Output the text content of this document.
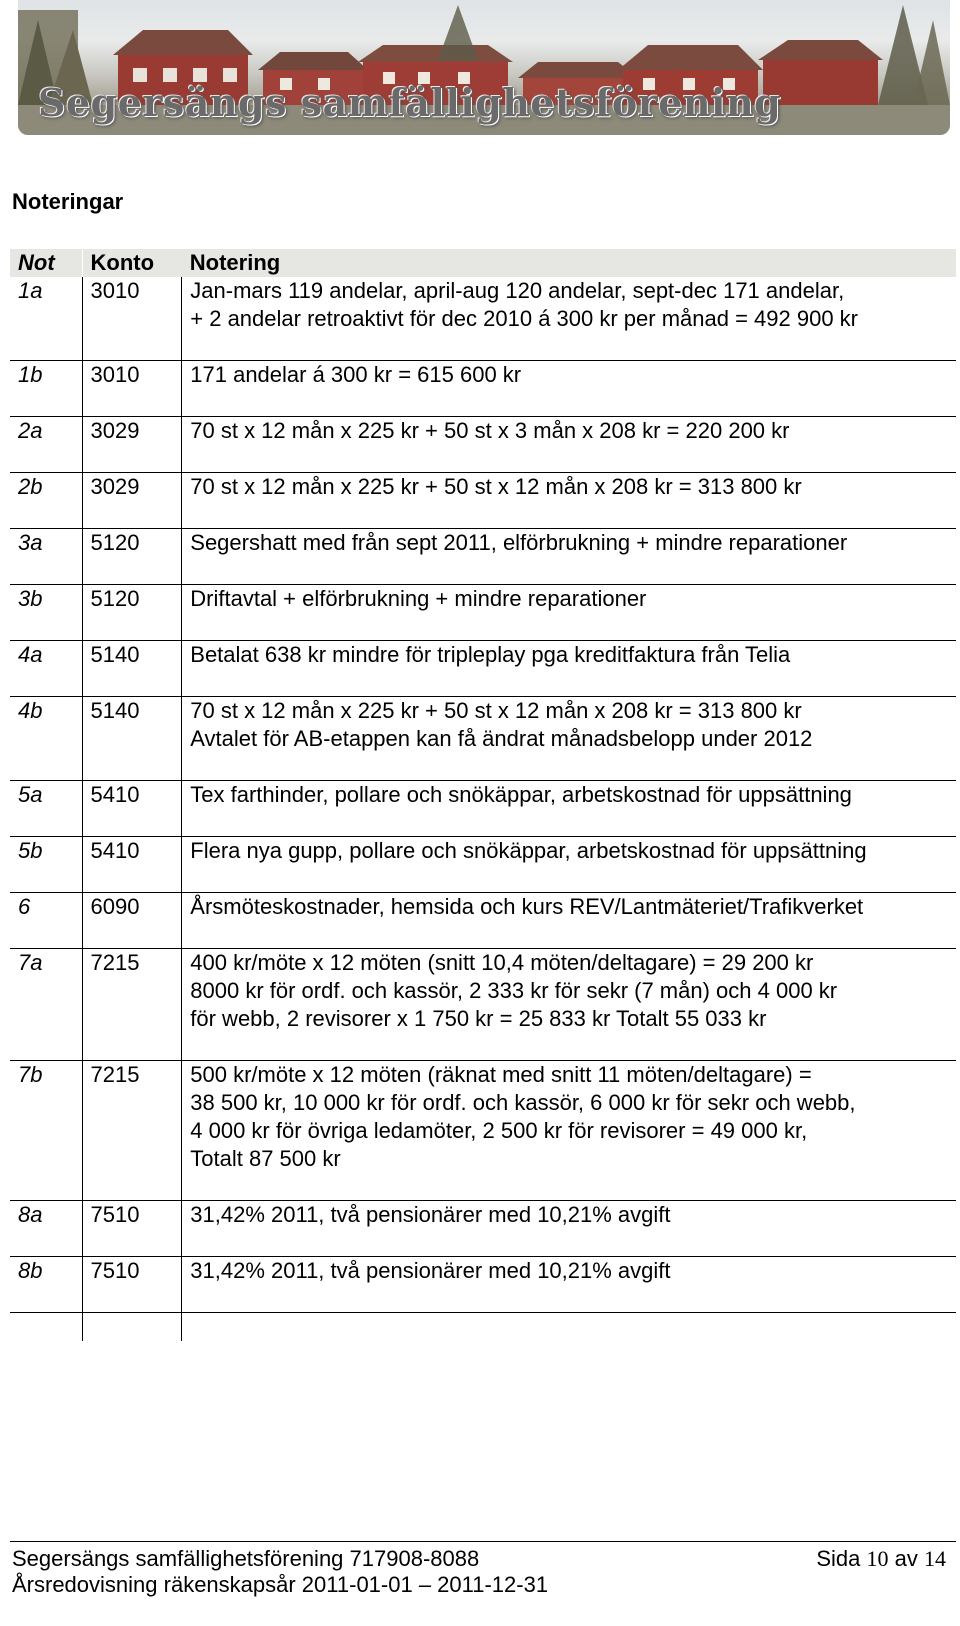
Segersängs samfällighetsförening
Noteringar
Not	Konto	Notering
1a	3010	Jan-mars 119 andelar, april-aug 120 andelar, sept-dec 171 andelar,
+ 2 andelar retroaktivt för dec 2010 á 300 kr per månad = 492 900 kr

1b	3010	171 andelar á 300 kr = 615 600 kr

2a	3029	70 st x 12 mån x 225 kr + 50 st x 3 mån x 208 kr = 220 200 kr

2b	3029	70 st x 12 mån x 225 kr + 50 st x 12 mån x 208 kr = 313 800 kr

3a	5120	Segershatt med från sept 2011, elförbrukning + mindre reparationer

3b	5120	Driftavtal + elförbrukning + mindre reparationer

4a	5140	Betalat 638 kr mindre för tripleplay pga kreditfaktura från Telia

4b	5140	70 st x 12 mån x 225 kr + 50 st x 12 mån x 208 kr = 313 800 kr
Avtalet för AB-etappen kan få ändrat månadsbelopp under 2012

5a	5410	Tex farthinder, pollare och snökäppar, arbetskostnad för uppsättning

5b	5410	Flera nya gupp, pollare och snökäppar, arbetskostnad för uppsättning

6	6090	Årsmöteskostnader, hemsida och kurs REV/Lantmäteriet/Trafikverket

7a	7215	400 kr/möte x 12 möten (snitt 10,4 möten/deltagare) = 29 200 kr
8000 kr för ordf. och kassör, 2 333 kr för sekr (7 mån) och 4 000 kr
för webb, 2 revisorer x 1 750 kr = 25 833 kr Totalt 55 033 kr

7b	7215	500 kr/möte x 12 möten (räknat med snitt 11 möten/deltagare) =
38 500 kr, 10 000 kr för ordf. och kassör, 6 000 kr för sekr och webb,
4 000 kr för övriga ledamöter, 2 500 kr för revisorer = 49 000 kr,
Totalt 87 500 kr

8a	7510	31,42% 2011, två pensionärer med 10,21% avgift

8b	7510	31,42% 2011, två pensionärer med 10,21% avgift

Segersängs samfällighetsförening 717908-8088
Årsredovisning räkenskapsår 2011-01-01 – 2011-12-31
Sida 10 av 14
